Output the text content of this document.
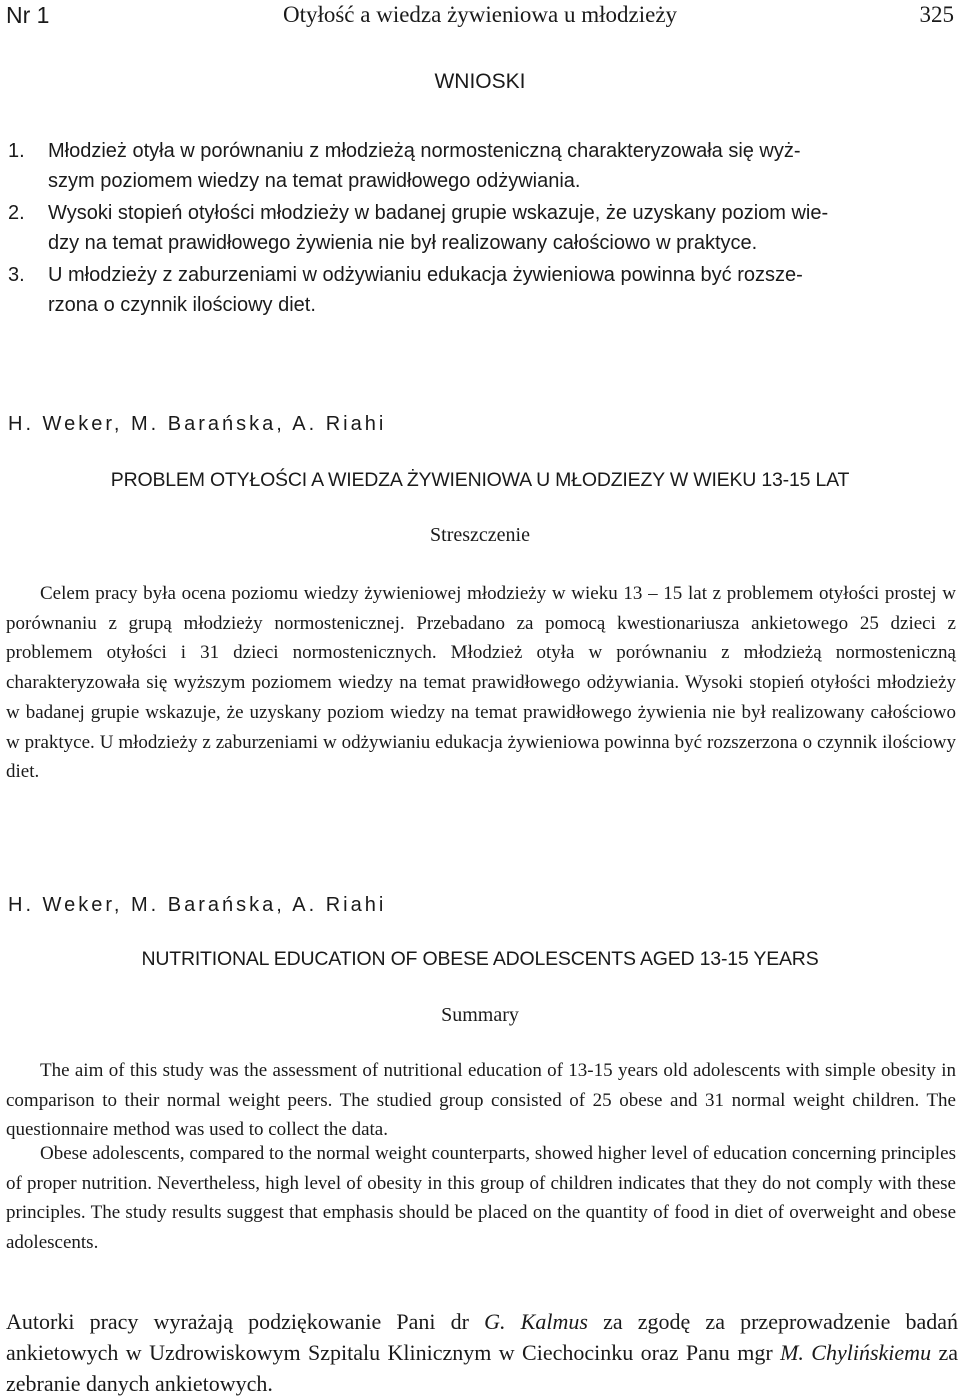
Nr 1	Otyłość a wiedza żywieniowa u młodzieży	325
WNIOSKI
1. Młodzież otyła w porównaniu z młodzieżą normosteniczną charakteryzowała się wyż-
szym poziomem wiedzy na temat prawidłowego odżywiania.
2. Wysoki stopień otyłości młodzieży w badanej grupie wskazuje, że uzyskany poziom wie-
dzy na temat prawidłowego żywienia nie był realizowany całościowo w praktyce.
3. U młodzieży z zaburzeniami w odżywianiu edukacja żywieniowa powinna być rozsze-
rzona o czynnik ilościowy diet.
H. Weker, M. Barańska, A. Riahi
PROBLEM OTYŁOŚCI A WIEDZA ŻYWIENIOWA U MŁODZIEZY W WIEKU 13-15 LAT
Streszczenie

Celem pracy była ocena poziomu wiedzy żywieniowej młodzieży w wieku 13 – 15 lat z problemem otyłości prostej w porównaniu z grupą młodzieży normostenicznej. Przebadano za pomocą kwestionariusza ankietowego 25 dzieci z problemem otyłości i 31 dzieci normostenicznych. Młodzież otyła w porównaniu z młodzieżą normosteniczną charakteryzowała się wyższym poziomem wiedzy na temat prawidłowego odżywiania. Wysoki stopień otyłości młodzieży w badanej grupie wskazuje, że uzyskany poziom wiedzy na temat prawidłowego żywienia nie był realizowany całościowo w praktyce. U młodzieży z zaburzeniami w odżywianiu edukacja żywieniowa powinna być rozszerzona o czynnik ilościowy diet.

H. Weker, M. Barańska, A. Riahi
NUTRITIONAL EDUCATION OF OBESE ADOLESCENTS AGED 13-15 YEARS
Summary

The aim of this study was the assessment of nutritional education of 13-15 years old adolescents with simple obesity in comparison to their normal weight peers. The studied group consisted of 25 obese and 31 normal weight children. The questionnaire method was used to collect the data.

Obese adolescents, compared to the normal weight counterparts, showed higher level of education concerning principles of proper nutrition. Nevertheless, high level of obesity in this group of children indicates that they do not comply with these principles. The study results suggest that emphasis should be placed on the quantity of food in diet of overweight and obese adolescents.

Autorki pracy wyrażają podziękowanie Pani dr G. Kalmus za zgodę za przeprowadzenie badań ankietowych w Uzdrowiskowym Szpitalu Klinicznym w Ciechocinku oraz Panu mgr M. Chylińskiemu za zebranie danych ankietowych.
